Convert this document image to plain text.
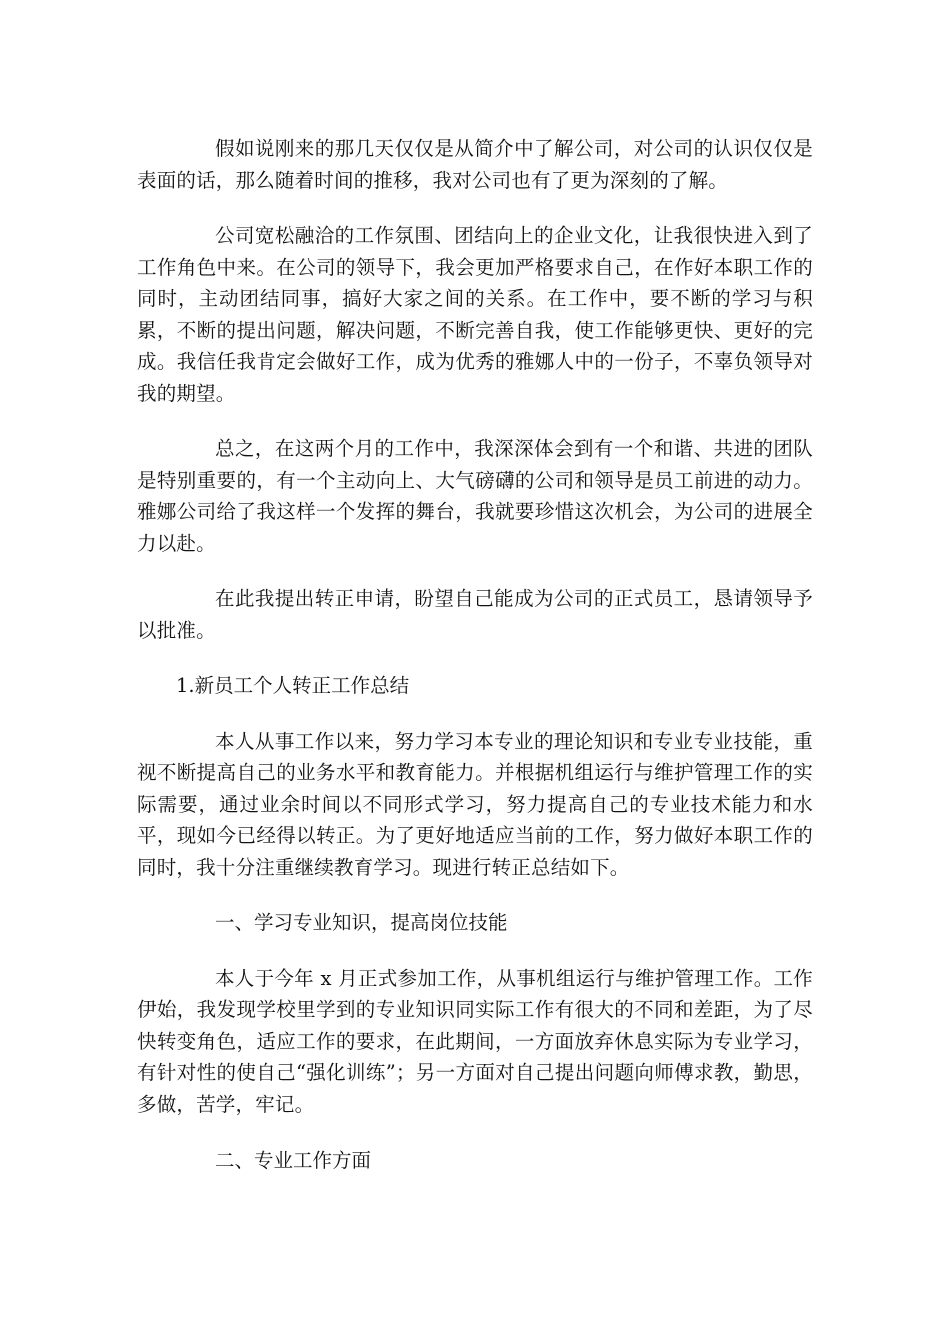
假如说刚来的那几天仅仅是从简介中了解公司，对公司的认识仅仅是表面的话，那么随着时间的推移，我对公司也有了更为深刻的了解。

公司宽松融洽的工作氛围、团结向上的企业文化，让我很快进入到了工作角色中来。在公司的领导下，我会更加严格要求自己，在作好本职工作的同时，主动团结同事，搞好大家之间的关系。在工作中，要不断的学习与积累，不断的提出问题，解决问题，不断完善自我，使工作能够更快、更好的完成。我信任我肯定会做好工作，成为优秀的雅娜人中的一份子，不辜负领导对我的期望。

总之，在这两个月的工作中，我深深体会到有一个和谐、共进的团队是特别重要的，有一个主动向上、大气磅礴的公司和领导是员工前进的动力。雅娜公司给了我这样一个发挥的舞台，我就要珍惜这次机会，为公司的进展全力以赴。

在此我提出转正申请，盼望自己能成为公司的正式员工，恳请领导予以批准。

1.新员工个人转正工作总结

本人从事工作以来，努力学习本专业的理论知识和专业专业技能，重视不断提高自己的业务水平和教育能力。并根据机组运行与维护管理工作的实际需要，通过业余时间以不同形式学习，努力提高自己的专业技术能力和水平，现如今已经得以转正。为了更好地适应当前的工作，努力做好本职工作的同时，我十分注重继续教育学习。现进行转正总结如下。

一、学习专业知识，提高岗位技能

本人于今年 x 月正式参加工作，从事机组运行与维护管理工作。工作伊始，我发现学校里学到的专业知识同实际工作有很大的不同和差距，为了尽快转变角色，适应工作的要求，在此期间，一方面放弃休息实际为专业学习，有针对性的使自己“强化训练”；另一方面对自己提出问题向师傅求教，勤思，多做，苦学，牢记。

二、专业工作方面
